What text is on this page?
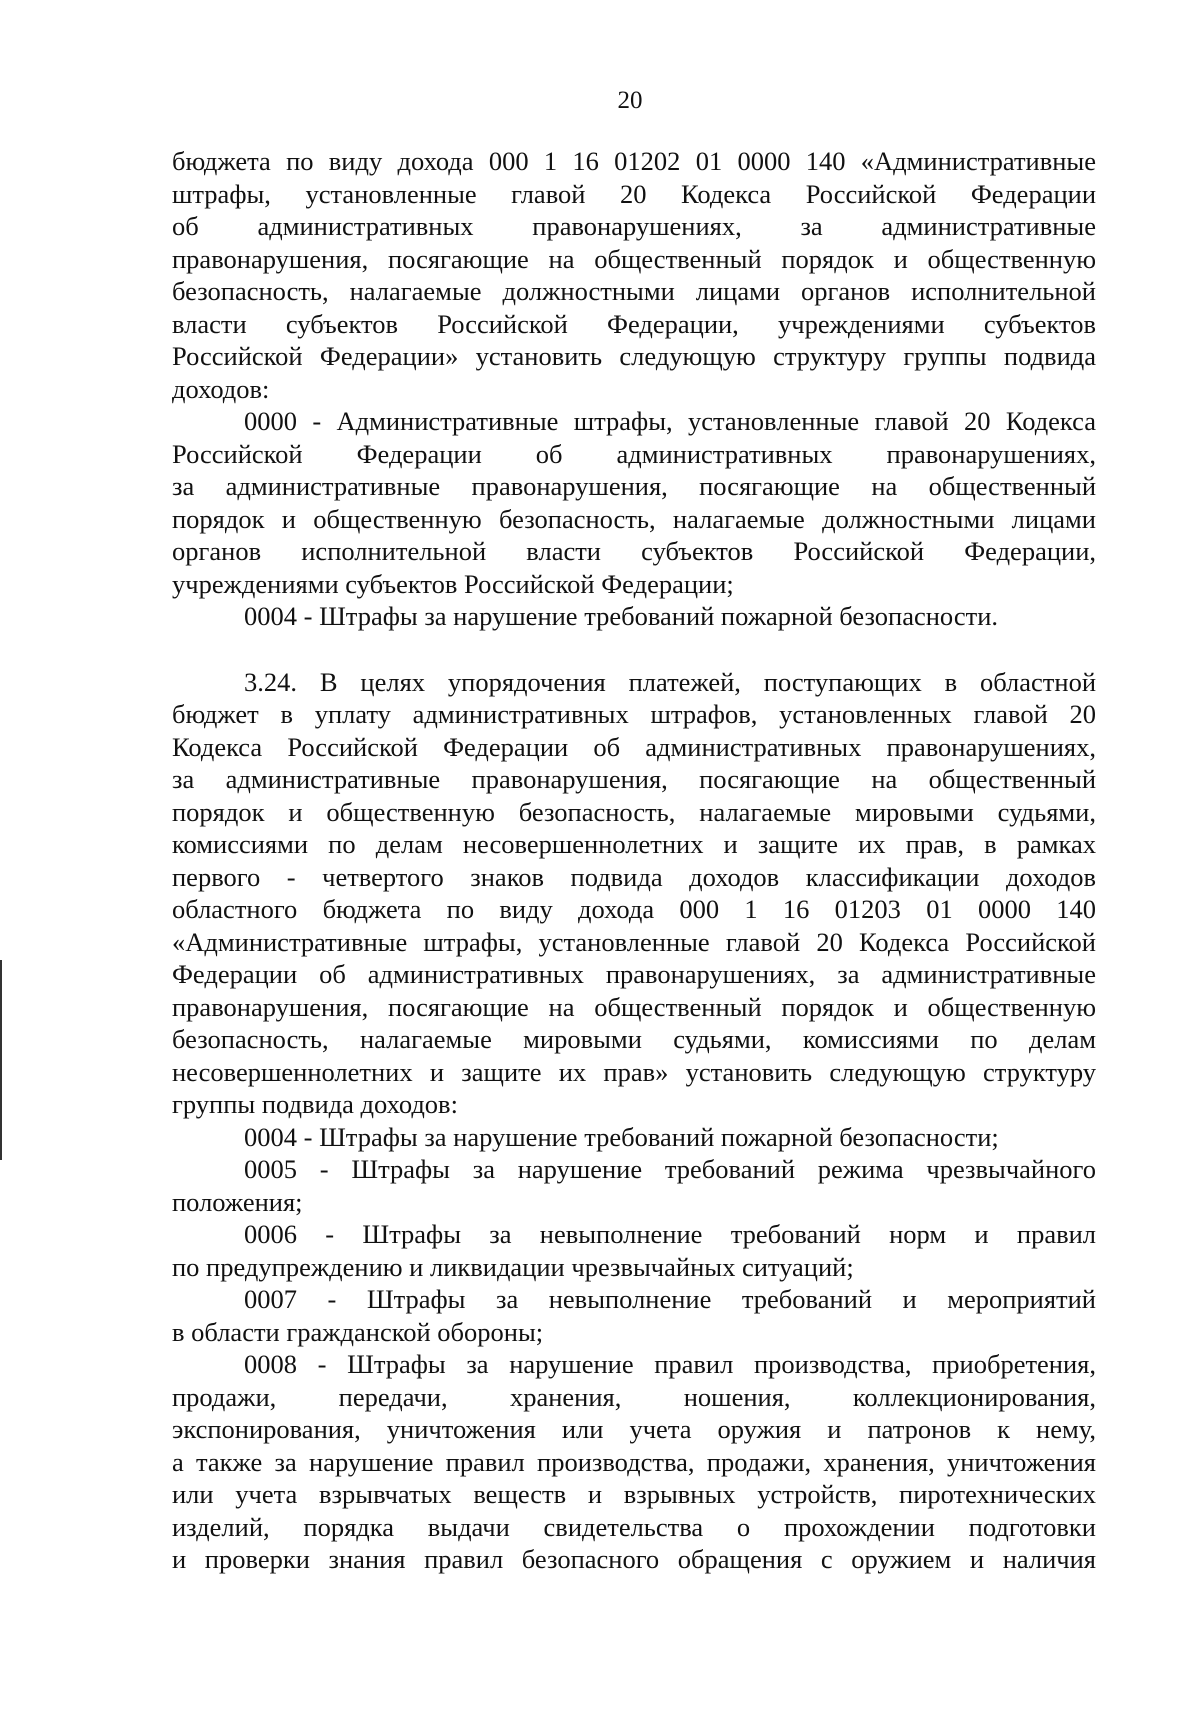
20

бюджета по виду дохода 000 1 16 01202 01 0000 140 «Административные
штрафы, установленные главой 20 Кодекса Российской Федерации
об административных правонарушениях, за административные
правонарушения, посягающие на общественный порядок и общественную
безопасность, налагаемые должностными лицами органов исполнительной
власти субъектов Российской Федерации, учреждениями субъектов
Российской Федерации» установить следующую структуру группы подвида
доходов:

0000 - Административные штрафы, установленные главой 20 Кодекса
Российской Федерации об административных правонарушениях,
за административные правонарушения, посягающие на общественный
порядок и общественную безопасность, налагаемые должностными лицами
органов исполнительной власти субъектов Российской Федерации,
учреждениями субъектов Российской Федерации;

0004 - Штрафы за нарушение требований пожарной безопасности.

3.24. В целях упорядочения платежей, поступающих в областной
бюджет в уплату административных штрафов, установленных главой 20
Кодекса Российской Федерации об административных правонарушениях,
за административные правонарушения, посягающие на общественный
порядок и общественную безопасность, налагаемые мировыми судьями,
комиссиями по делам несовершеннолетних и защите их прав, в рамках
первого - четвертого знаков подвида доходов классификации доходов
областного бюджета по виду дохода 000 1 16 01203 01 0000 140
«Административные штрафы, установленные главой 20 Кодекса Российской
Федерации об административных правонарушениях, за административные
правонарушения, посягающие на общественный порядок и общественную
безопасность, налагаемые мировыми судьями, комиссиями по делам
несовершеннолетних и защите их прав» установить следующую структуру
группы подвида доходов:

0004 - Штрафы за нарушение требований пожарной безопасности;

0005 - Штрафы за нарушение требований режима чрезвычайного
положения;

0006 - Штрафы за невыполнение требований норм и правил
по предупреждению и ликвидации чрезвычайных ситуаций;

0007 - Штрафы за невыполнение требований и мероприятий
в области гражданской обороны;

0008 - Штрафы за нарушение правил производства, приобретения,
продажи, передачи, хранения, ношения, коллекционирования,
экспонирования, уничтожения или учета оружия и патронов к нему,
а также за нарушение правил производства, продажи, хранения, уничтожения
или учета взрывчатых веществ и взрывных устройств, пиротехнических
изделий, порядка выдачи свидетельства о прохождении подготовки
и проверки знания правил безопасного обращения с оружием и наличия
